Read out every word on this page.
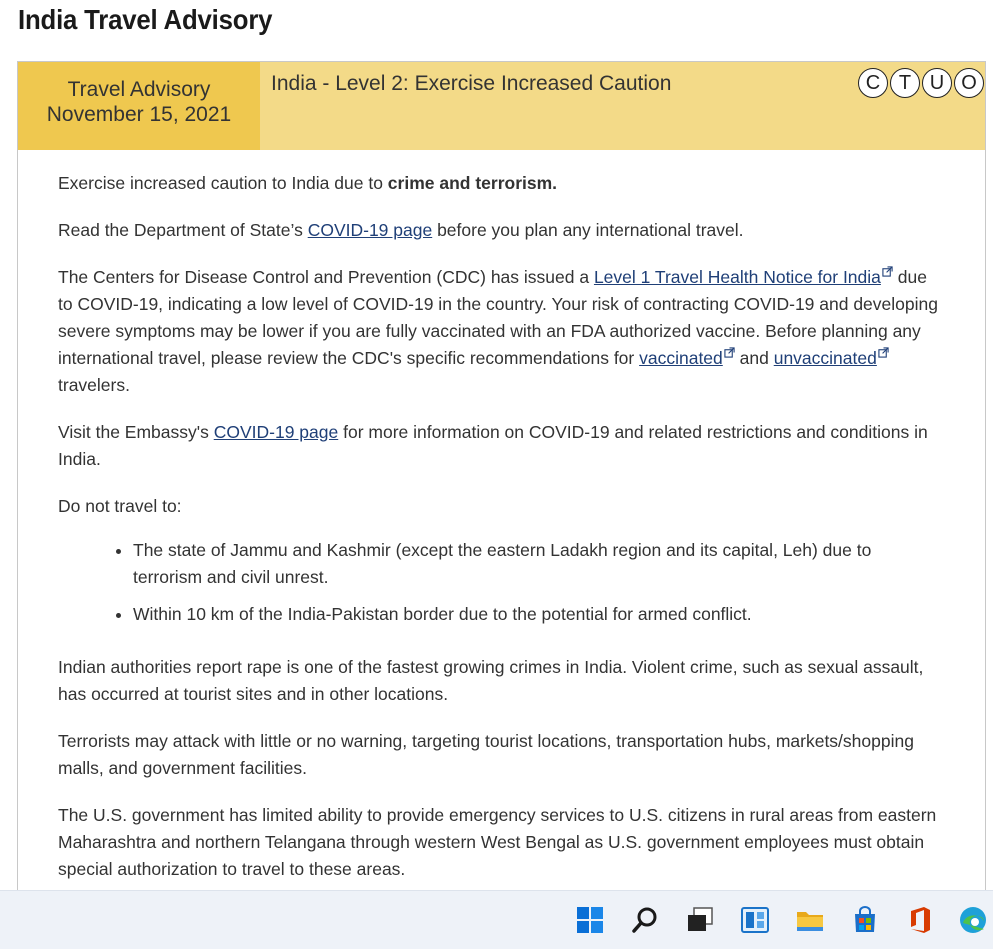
India Travel Advisory
Travel Advisory
November 15, 2021
India - Level 2: Exercise Increased Caution	C T U O

Exercise increased caution to India due to crime and terrorism.

Read the Department of State’s COVID-19 page before you plan any international travel.

The Centers for Disease Control and Prevention (CDC) has issued a Level 1 Travel Health Notice for India due to COVID-19, indicating a low level of COVID-19 in the country. Your risk of contracting COVID-19 and developing severe symptoms may be lower if you are fully vaccinated with an FDA authorized vaccine. Before planning any international travel, please review the CDC's specific recommendations for vaccinated and unvaccinated travelers.

Visit the Embassy's COVID-19 page for more information on COVID-19 and related restrictions and conditions in India.

Do not travel to:

• The state of Jammu and Kashmir (except the eastern Ladakh region and its capital, Leh) due to terrorism and civil unrest.
• Within 10 km of the India-Pakistan border due to the potential for armed conflict.

Indian authorities report rape is one of the fastest growing crimes in India. Violent crime, such as sexual assault, has occurred at tourist sites and in other locations.

Terrorists may attack with little or no warning, targeting tourist locations, transportation hubs, markets/shopping malls, and government facilities.

The U.S. government has limited ability to provide emergency services to U.S. citizens in rural areas from eastern Maharashtra and northern Telangana through western West Bengal as U.S. government employees must obtain special authorization to travel to these areas.
